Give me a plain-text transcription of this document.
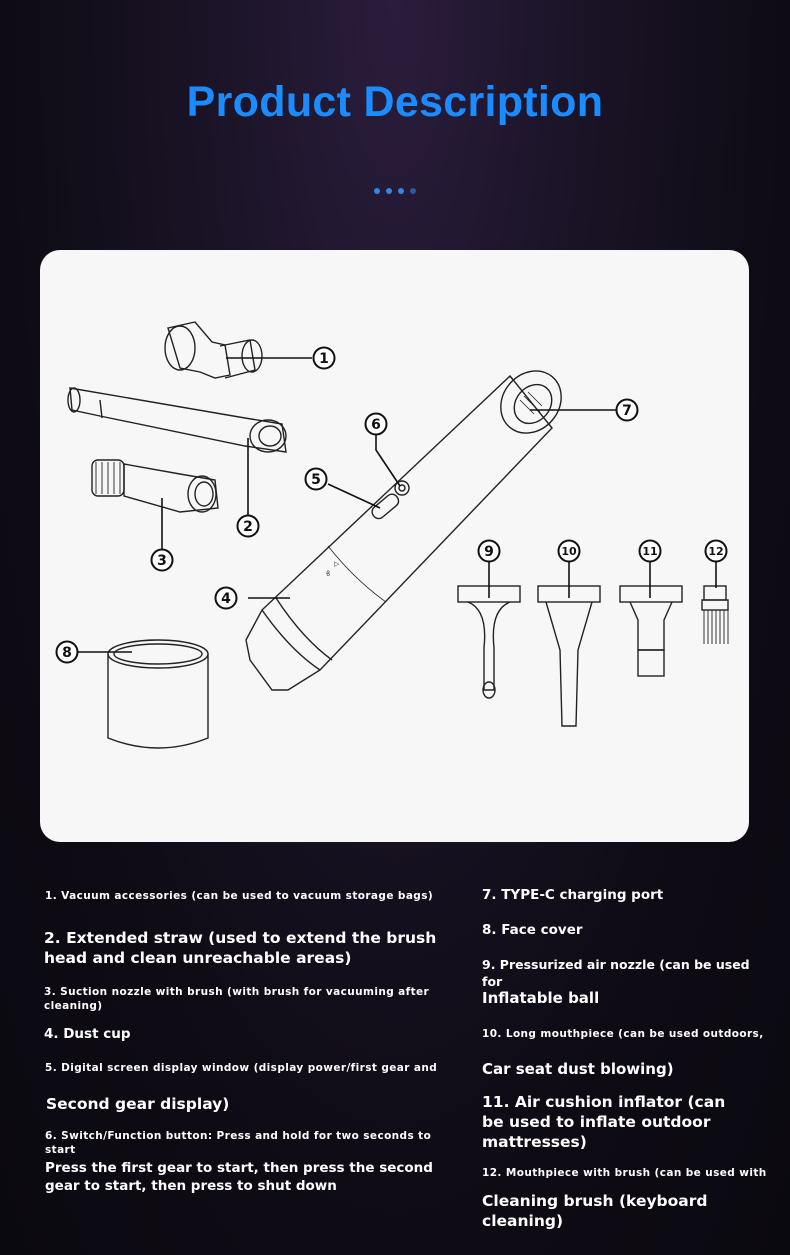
Product Description
▷
ϐ
1
2
3
4
5
6
7
8
9	10	11	12
1. Vacuum accessories (can be used to vacuum storage bags)
2. Extended straw (used to extend the brush head and clean unreachable areas)
3. Suction nozzle with brush (with brush for vacuuming after cleaning)
4. Dust cup
5. Digital screen display window (display power/first gear and
Second gear display)
6. Switch/Function button: Press and hold for two seconds to start
Press the first gear to start, then press the second gear to start, then press to shut down
7. TYPE-C charging port
8. Face cover
9. Pressurized air nozzle (can be used for
Inflatable ball
10. Long mouthpiece (can be used outdoors,
Car seat dust blowing)
11. Air cushion inflator (can be used to inflate outdoor mattresses)
12. Mouthpiece with brush (can be used with
Cleaning brush (keyboard cleaning)
